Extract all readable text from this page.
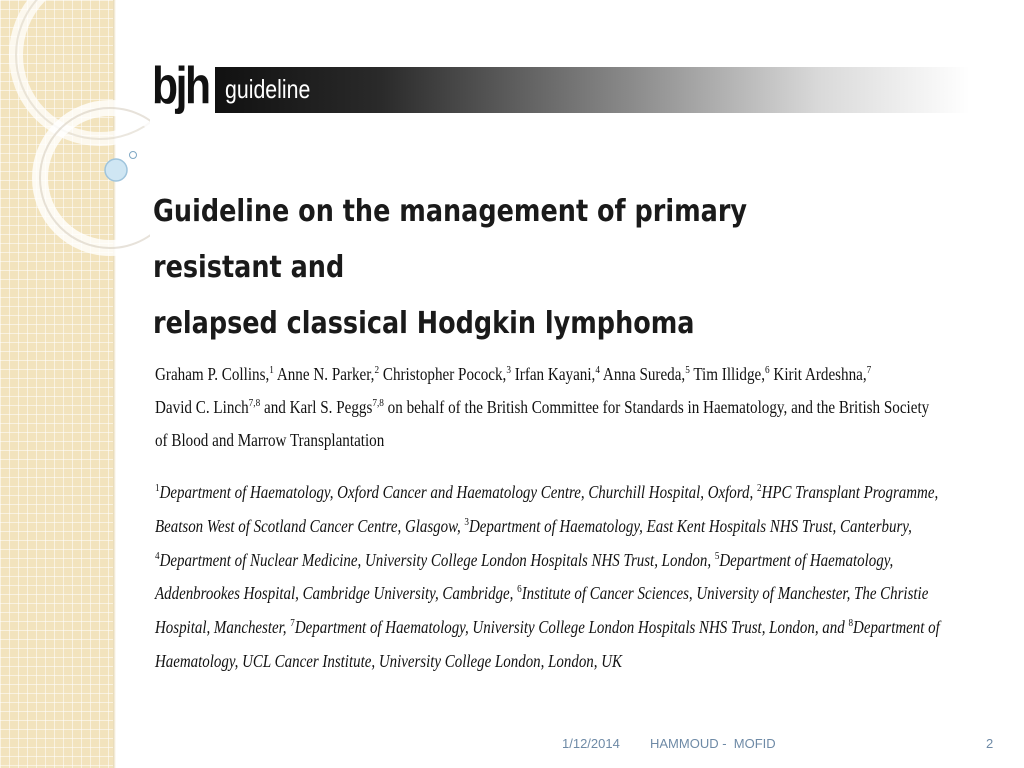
bjh guideline
Guideline on the management of primary resistant and
relapsed classical Hodgkin lymphoma

Graham P. Collins,$^1$ Anne N. Parker,$^2$ Christopher Pocock,$^3$ Irfan Kayani,$^4$ Anna Sureda,$^5$ Tim Illidge,$^6$ Kirit Ardeshna,$^7$
David C. Linch$^{7,8}$ and Karl S. Peggs$^{7,8}$ on behalf of the British Committee for Standards in Haematology, and the British Society of Blood and Marrow Transplantation

$^1$Department of Haematology, Oxford Cancer and Haematology Centre, Churchill Hospital, Oxford, $^2$HPC Transplant Programme, Beatson West of Scotland Cancer Centre, Glasgow, $^3$Department of Haematology, East Kent Hospitals NHS Trust, Canterbury, $^4$Department of Nuclear Medicine, University College London Hospitals NHS Trust, London, $^5$Department of Haematology, Addenbrookes Hospital, Cambridge University, Cambridge, $^6$Institute of Cancer Sciences, University of Manchester, The Christie Hospital, Manchester, $^7$Department of Haematology, University College London Hospitals NHS Trust, London, and $^8$Department of Haematology, UCL Cancer Institute, University College London, London, UK

1/12/2014 HAMMOUD -  MOFID	2
